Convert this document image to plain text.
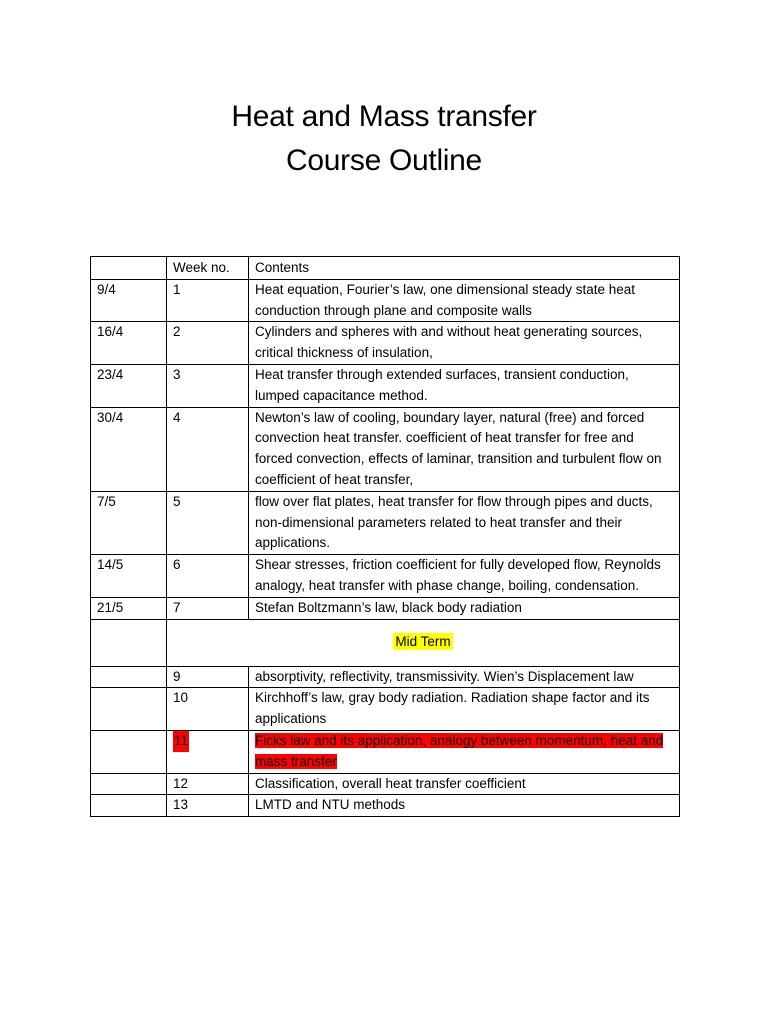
Heat and Mass transfer
Course Outline
	Week no.	Contents
9/4	1	Heat equation, Fourier’s law, one dimensional steady state heat conduction through plane and composite walls
16/4	2	Cylinders and spheres with and without heat generating sources, critical thickness of insulation,
23/4	3	Heat transfer through extended surfaces, transient conduction, lumped capacitance method.
30/4	4	Newton’s law of cooling, boundary layer, natural (free) and forced convection heat transfer. coefficient of heat transfer for free and forced convection, effects of laminar, transition and turbulent flow on coefficient of heat transfer,
7/5	5	flow over flat plates, heat transfer for flow through pipes and ducts, non-dimensional parameters related to heat transfer and their applications.
14/5	6	Shear stresses, friction coefficient for fully developed flow, Reynolds analogy, heat transfer with phase change, boiling, condensation.
21/5	7	Stefan Boltzmann’s law, black body radiation
	Mid Term	
	9	absorptivity, reflectivity, transmissivity. Wien’s Displacement law
	10	Kirchhoff’s law, gray body radiation. Radiation shape factor and its applications
	11	Ficks law and its application, analogy between momentum, heat and mass transfer
	12	Classification, overall heat transfer coefficient
	13	LMTD and NTU methods
